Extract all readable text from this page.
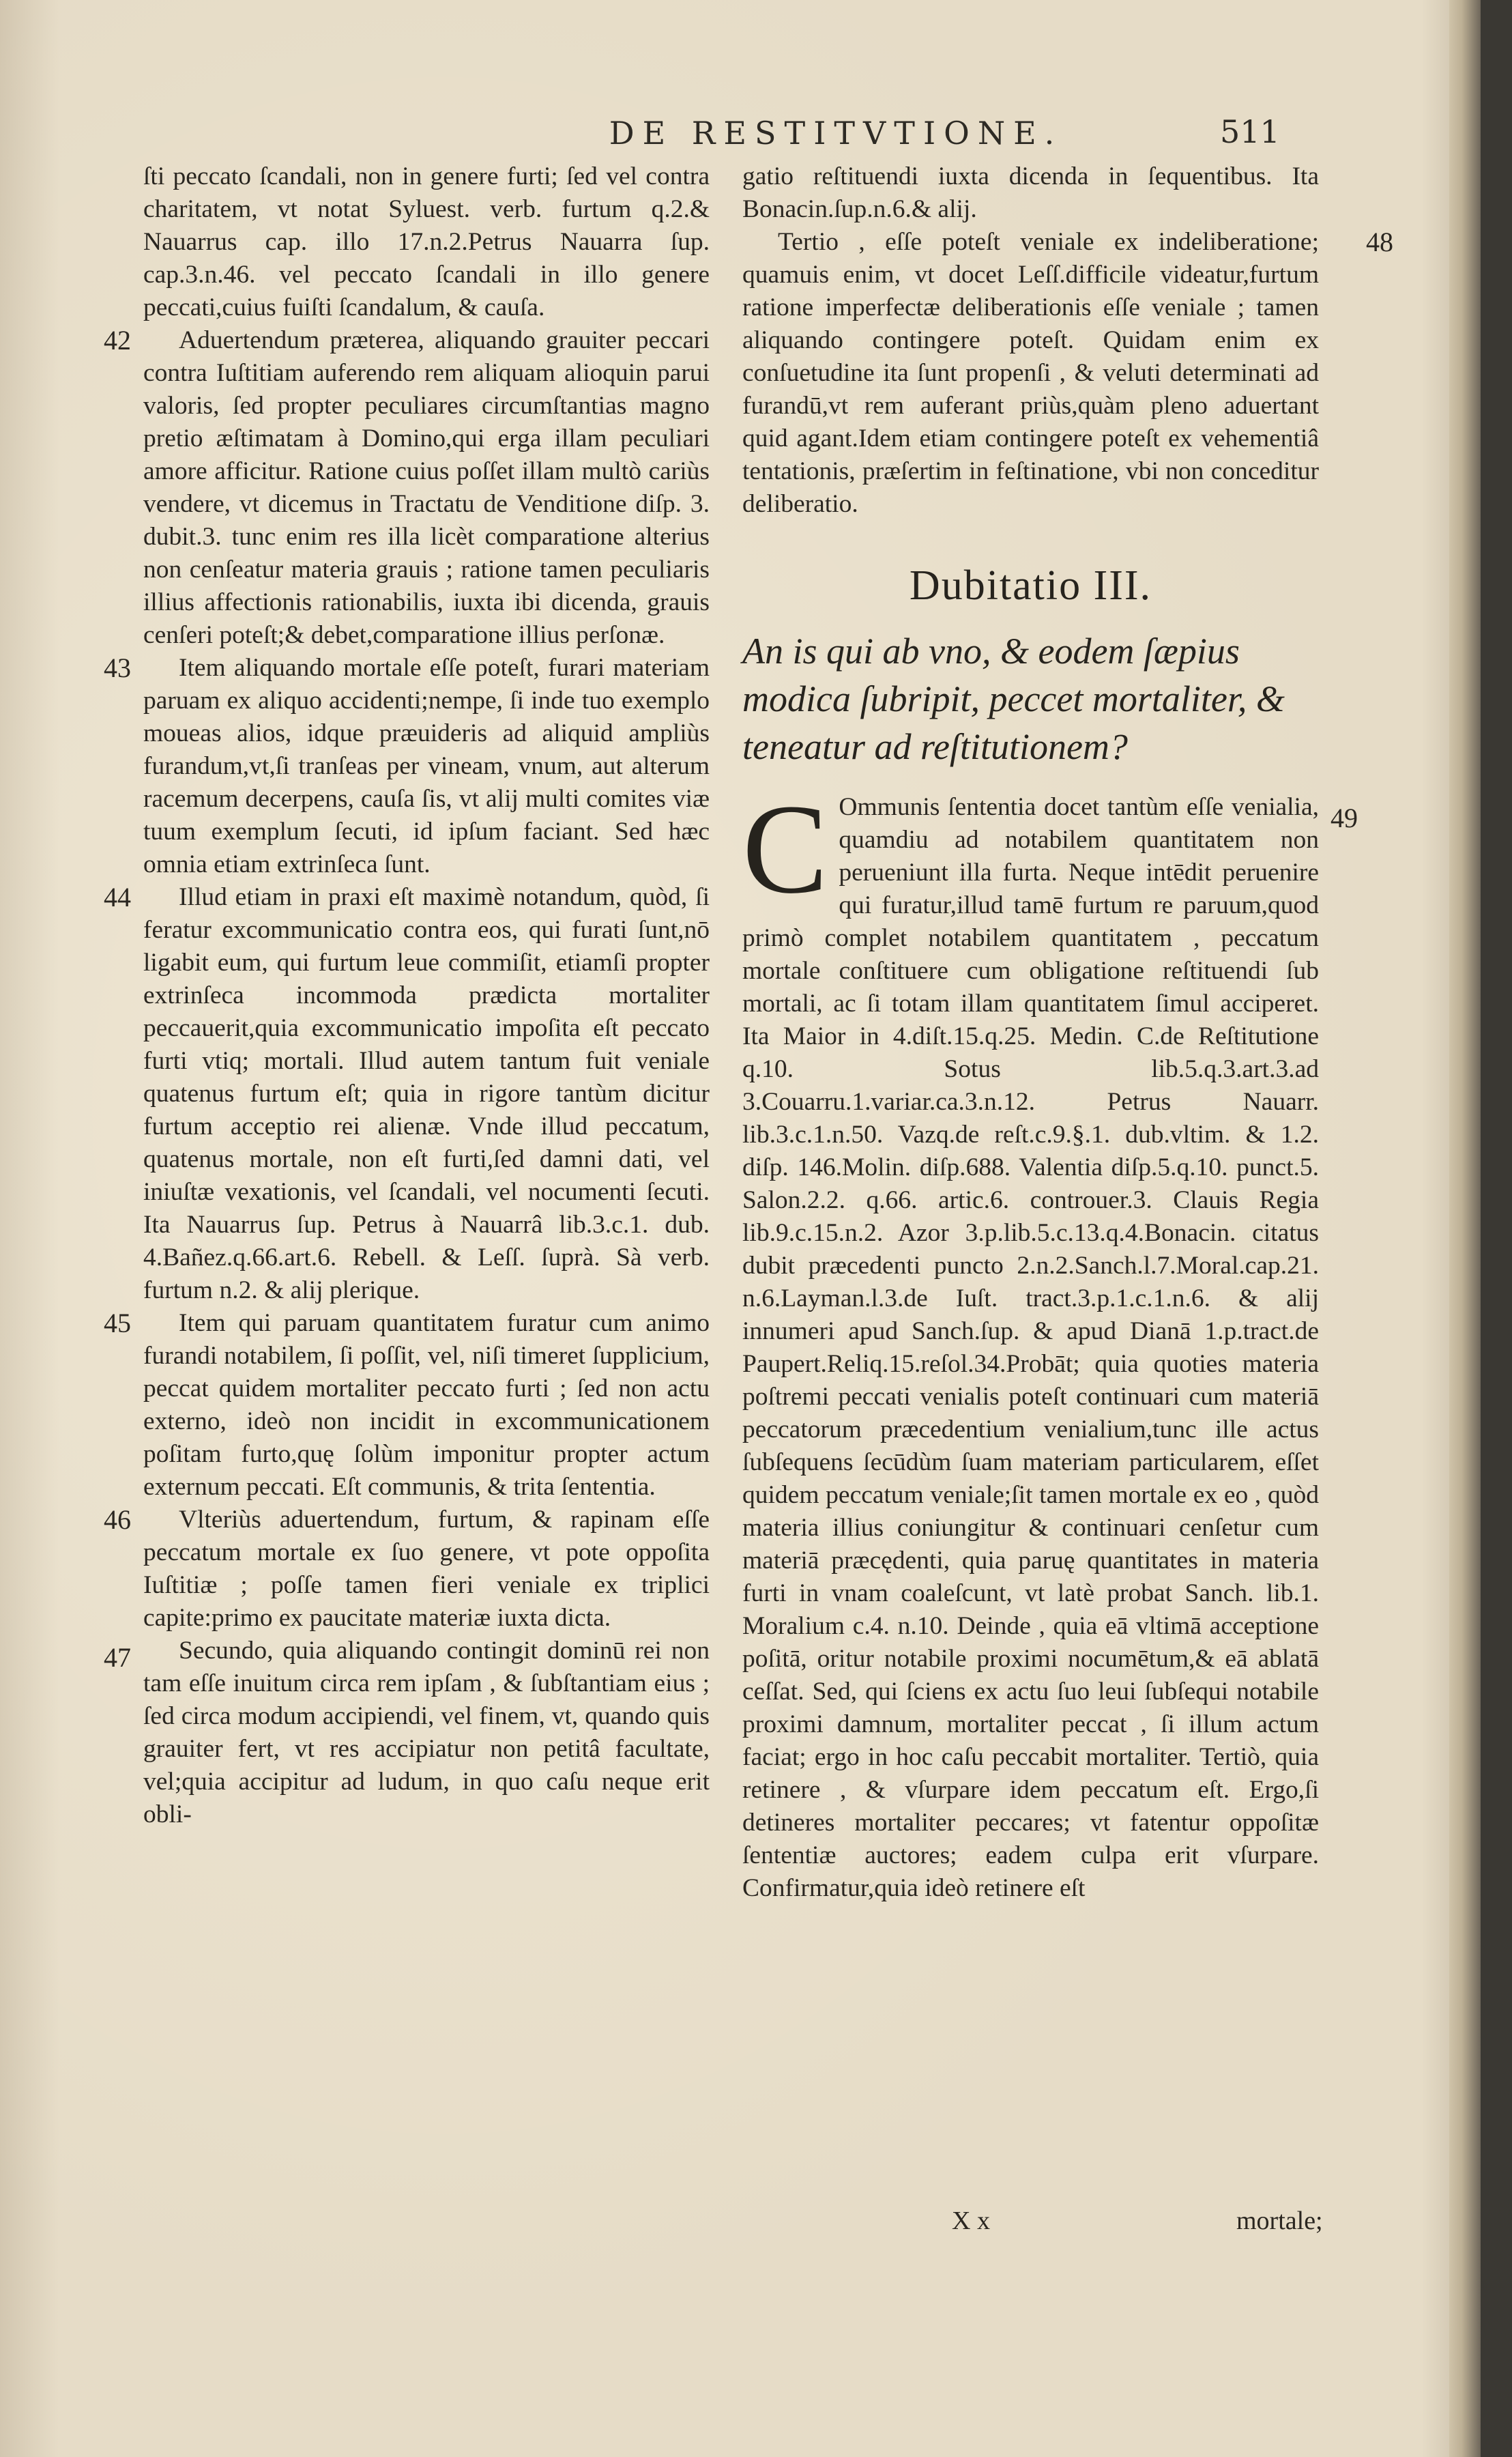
DE RESTITVTIONE.	511

ſti peccato ſcandali, non in genere furti; ſed vel contra charitatem, vt notat Syluest. verb. furtum q.2.& Nauarrus cap. illo 17.n.2.Petrus Nauarra ſup. cap.3.n.46. vel peccato ſcandali in illo genere peccati,cuius fuiſti ſcandalum, & cauſa.

42 Aduertendum præterea, aliquando grauiter peccari contra Iuſtitiam auferendo rem aliquam alioquin parui valoris, ſed propter peculiares circumſtantias magno pretio æſtimatam à Domino,qui erga illam peculiari amore afficitur. Ratione cuius poſſet illam multò cariùs vendere, vt dicemus in Tractatu de Venditione diſp. 3. dubit.3. tunc enim res illa licèt comparatione alterius non cenſeatur materia grauis ; ratione tamen peculiaris illius affectionis rationabilis, iuxta ibi dicenda, grauis cenſeri poteſt;& debet,comparatione illius perſonæ.

43 Item aliquando mortale eſſe poteſt, furari materiam paruam ex aliquo accidenti;nempe, ſi inde tuo exemplo moueas alios, idque præuideris ad aliquid ampliùs furandum,vt,ſi tranſeas per vineam, vnum, aut alterum racemum decerpens, cauſa ſis, vt alij multi comites viæ tuum exemplum ſecuti, id ipſum faciant. Sed hæc omnia etiam extrinſeca ſunt.

44 Illud etiam in praxi eſt maximè notandum, quòd, ſi feratur excommunicatio contra eos, qui furati ſunt,nō ligabit eum, qui furtum leue commiſit, etiamſi propter extrinſeca incommoda prædicta mortaliter peccauerit,quia excommunicatio impoſita eſt peccato furti vtiq; mortali. Illud autem tantum fuit veniale quatenus furtum eſt; quia in rigore tantùm dicitur furtum acceptio rei alienæ. Vnde illud peccatum, quatenus mortale, non eſt furti,ſed damni dati, vel iniuſtæ vexationis, vel ſcandali, vel nocumenti ſecuti. Ita Nauarrus ſup. Petrus à Nauarrâ lib.3.c.1. dub. 4.Bañez.q.66.art.6. Rebell. & Leſſ. ſuprà. Sà verb. furtum n.2. & alij plerique.

45 Item qui paruam quantitatem furatur cum animo furandi notabilem, ſi poſſit, vel, niſi timeret ſupplicium, peccat quidem mortaliter peccato furti ; ſed non actu externo, ideò non incidit in excommunicationem poſitam furto,quę ſolùm imponitur propter actum externum peccati. Eſt communis, & trita ſententia.

46 Vlteriùs aduertendum, furtum, & rapinam eſſe peccatum mortale ex ſuo genere, vt pote oppoſita Iuſtitiæ ; poſſe tamen fieri veniale ex triplici capite:primo ex paucitate materiæ iuxta dicta.

47 Secundo, quia aliquando contingit dominū rei non tam eſſe inuitum circa rem ipſam , & ſubſtantiam eius ; ſed circa modum accipiendi, vel finem, vt, quando quis grauiter fert, vt res accipiatur non petitâ facultate, vel;quia accipitur ad ludum, in quo caſu neque erit obli-

gatio reſtituendi iuxta dicenda in ſequentibus. Ita Bonacin.ſup.n.6.& alij.

48
Tertio , eſſe poteſt veniale ex indeliberatione; quamuis enim, vt docet Leſſ.difficile videatur,furtum ratione imperfectæ deliberationis eſſe veniale ; tamen aliquando contingere poteſt. Quidam enim ex conſuetudine ita ſunt propenſi , & veluti determinati ad furandū,vt rem auferant priùs,quàm pleno aduertant quid agant.Idem etiam contingere poteſt ex vehementiâ tentationis, præſertim in feſtinatione, vbi non conceditur deliberatio.

Dubitatio III.
An is qui ab vno, & eodem ſæpius modica ſubripit, peccet mortaliter, & teneatur ad reſtitutionem?

49
C Ommunis ſententia docet tantùm eſſe venialia, quamdiu ad notabilem quantitatem non perueniunt illa furta. Neque intēdit peruenire qui furatur,illud tamē furtum re paruum,quod primò complet notabilem quantitatem , peccatum mortale conſtituere cum obligatione reſtituendi ſub mortali, ac ſi totam illam quantitatem ſimul acciperet. Ita Maior in 4.diſt.15.q.25. Medin. C.de Reſtitutione q.10. Sotus lib.5.q.3.art.3.ad 3.Couarru.1.variar.ca.3.n.12. Petrus Nauarr. lib.3.c.1.n.50. Vazq.de reſt.c.9.§.1. dub.vltim. & 1.2. diſp. 146.Molin. diſp.688. Valentia diſp.5.q.10. punct.5. Salon.2.2. q.66. artic.6. controuer.3. Clauis Regia lib.9.c.15.n.2. Azor 3.p.lib.5.c.13.q.4.Bonacin. citatus dubit præcedenti puncto 2.n.2.Sanch.l.7.Moral.cap.21. n.6.Layman.l.3.de Iuſt. tract.3.p.1.c.1.n.6. & alij innumeri apud Sanch.ſup. & apud Dianā 1.p.tract.de Paupert.Reliq.15.reſol.34.Probāt; quia quoties materia poſtremi peccati venialis poteſt continuari cum materiā peccatorum præcedentium venialium,tunc ille actus ſubſequens ſecūdùm ſuam materiam particularem, eſſet quidem peccatum veniale;ſit tamen mortale ex eo , quòd materia illius coniungitur & continuari cenſetur cum materiā præcędenti, quia paruę quantitates in materia furti in vnam coaleſcunt, vt latè probat Sanch. lib.1. Moralium c.4. n.10. Deinde , quia eā vltimā acceptione poſitā, oritur notabile proximi nocumētum,& eā ablatā ceſſat. Sed, qui ſciens ex actu ſuo leui ſubſequi notabile proximi damnum, mortaliter peccat , ſi illum actum faciat; ergo in hoc caſu peccabit mortaliter. Tertiò, quia retinere , & vſurpare idem peccatum eſt. Ergo,ſi detineres mortaliter peccares; vt fatentur oppoſitæ ſententiæ auctores; eadem culpa erit vſurpare. Confirmatur,quia ideò retinere eſt

X x	mortale;
